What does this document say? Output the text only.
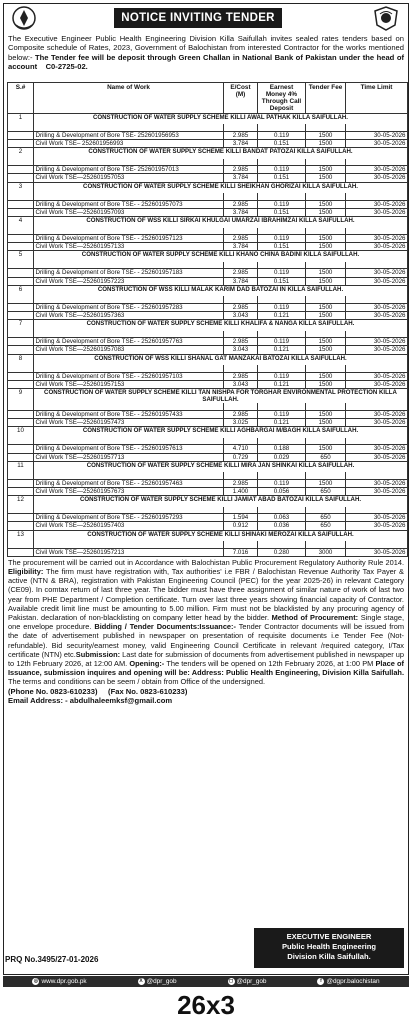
NOTICE INVITING TENDER
The Executive Engineer Public Health Engineering Division Killa Saifullah invites sealed rates tenders based on Composite schedule of Rates, 2023, Government of Balochistan from interested Contractor for the works mentioned below:- The Tender fee will be deposit through Green Challan in National Bank of Pakistan under the head of account C0-2725-02.
S.#	Name of Work	E/Cost (M)	Earnest Money 4% Through Call Deposit	Tender Fee	Time Limit
1	CONSTRUCTION OF WATER SUPPLY SCHEME KILLI AWAL PATHAK KILLA SAIFULLAH.				

	Drilling & Development of Bore TSE- 252601956953	2.985	0.119	1500	30-05-2026
	Civil Work TSE– 252601956993	3.784	0.151	1500	30-05-2026
2	CONSTRUCTION OF WATER SUPPLY SCHEME KILLI BANDAT PATOZAI KILLA SAIFULLAH.				

	Drilling & Development of Bore TSE- 252601957013	2.985	0.119	1500	30-05-2026
	Civil Work TSE—252601957053	3.784	0.151	1500	30-05-2026
3	CONSTRUCTION OF WATER SUPPLY SCHEME KILLI SHEIKHAN GHORIZAI KILLA SAIFULLAH.				

	Drilling & Development of Bore TSE- - 252601957073	2.985	0.119	1500	30-05-2026
	Civil Work TSE—252601957093	3.784	0.151	1500	30-05-2026
4	CONSTRUCTION OF WSS KILLI SIRKAI KHULGAI UMARZAI IBRAHIMZAI KILLA SAIFULLAH.				

	Drilling & Development of Bore TSE- - 252601957123	2.985	0.119	1500	30-05-2026
	Civil Work TSE—252601957133	3.784	0.151	1500	30-05-2026
5	CONSTRUCTION OF WATER SUPPLY SCHEME KILLI KHANO CHINA BADINI KILLA SAIFULLAH.				

	Drilling & Development of Bore TSE- - 252601957183	2.985	0.119	1500	30-05-2026
	Civil Work TSE—252601957223	3.784	0.151	1500	30-05-2026
6	CONSTRUCTION OF WSS KILLI MALAK KARIM DAD BATOZAI IN KILLA SAIFULLAH.				

	Drilling & Development of Bore TSE- - 252601957283	2.985	0.119	1500	30-05-2026
	Civil Work TSE—252601957363	3.043	0.121	1500	30-05-2026
7	CONSTRUCTION OF WATER SUPPLY SCHEME KILLI KHALIFA & NANGA KILLA SAIFULLAH.				

	Drilling & Development of Bore TSE- - 252601957763	2.985	0.119	1500	30-05-2026
	Civil Work TSE—252601957083	3.043	0.121	1500	30-05-2026
8	CONSTRUCTION OF WSS KILLI SHANAL GAT MANZAKAI BATOZAI KILLA SAIFULLAH.				

	Drilling & Development of Bore TSE- - 252601957103	2.985	0.119	1500	30-05-2026
	Civil Work TSE—252601957153	3.043	0.121	1500	30-05-2026
9	CONSTRUCTION OF WATER SUPPLY SCHEME KILLI TAN NISHPA FOR TORGHAR ENVIRONMENTAL PROTECTION KILLA SAIFULLAH.				

	Drilling & Development of Bore TSE- - 252601957433	2.985	0.119	1500	30-05-2026
	Civil Work TSE—252601957473	3.025	0.121	1500	30-05-2026
10	CONSTRUCTION OF WATER SUPPLY SCHEME KILLI AGHBARGAI M/BAGH KILLA SAIFULLAH.				

	Drilling & Development of Bore TSE- - 252601957613	4.710	0.188	1500	30-05-2026
	Civil Work TSE—252601957713	0.729	0.029	650	30-05-2026
11	CONSTRUCTION OF WATER SUPPLY SCHEME KILLI MIRA JAN SHINKAI KILLA SAIFULLAH.				

	Drilling & Development of Bore TSE- - 252601957463	2.985	0.119	1500	30-05-2026
	Civil Work TSE—252601957673	1.400	0.056	650	30-05-2026
12	CONSTRUCTION OF WATER SUPPLY SCHEME KILLI JAMIAT ABAD BATOZAI KILLA SAIFULLAH.				

	Drilling & Development of Bore TSE- - 252601957293	1.594	0.063	650	30-05-2026
	Civil Work TSE—252601957403	0.912	0.036	650	30-05-2026
13	CONSTRUCTION OF WATER SUPPLY SCHEME KILLI SHINAKI MEROZAI KILLA SAIFULLAH.				

	Civil Work TSE—252601957213	7.016	0.280	3000	30-05-2026
The procurement will be carried out in Accordance with Balochistan Public Procurement Regulatory Authority Rule 2014. Eligibility: The firm must have registration with, Tax authorities' i.e FBR / Balochistan Revenue Authority Tax Payer & active (NTN & BRA), registration with Pakistan Engineering Council (PEC) for the year 2025-26) in relevant Category (CE09). In comtax return of last three year. The bidder must have three assignment of similar nature of work of last two year from PHE Department / Completion certificate. Turn over last three years showing financial capacity of Contractor. Available credit limit line must be amounting to 5.00 million. Firm must not be blacklisted by any procuring agency of Pakistan. declaration of non-blacklisting on company letter head by the bidder. Method of Procurement: Single stage, one envelope procedure. Bidding / Tender Documents:Issuance:- Tender Contractor documents will be issued from the date of advertisement published in newspaper on presentation of requisite documents i.e Tender Fee (Not-refundable). Bid security/earnest money, valid Engineering Council Certificate in relevant /required category, I/Tax certificate (NTN) etc.Submission: Last date for submission of documents from advertisement published in newspaper up to 12th February 2026, at 12:00 AM. Opening:- The tenders will be opened on 12th February 2026, at 1:00 PM Place of Issuance, submission inquires and opening will be: Address: Public Health Engineering, Division Killa Saifullah. The terms and conditions can be seem / obtain from Office of the undersigned.
(Phone No. 0823-610233) (Fax No. 0823-610233)
Email Address: - abdulhaleemksf@gmail.com
EXECUTIVE ENGINEER
Public Health Engineering
Division Killa Saifullah.
PRQ No.3495/27-01-2026
◎ www.dpr.gob.pk	X @dpr_gob	◻ @dpr_gob	f @dgpr.balochistan
26x3
